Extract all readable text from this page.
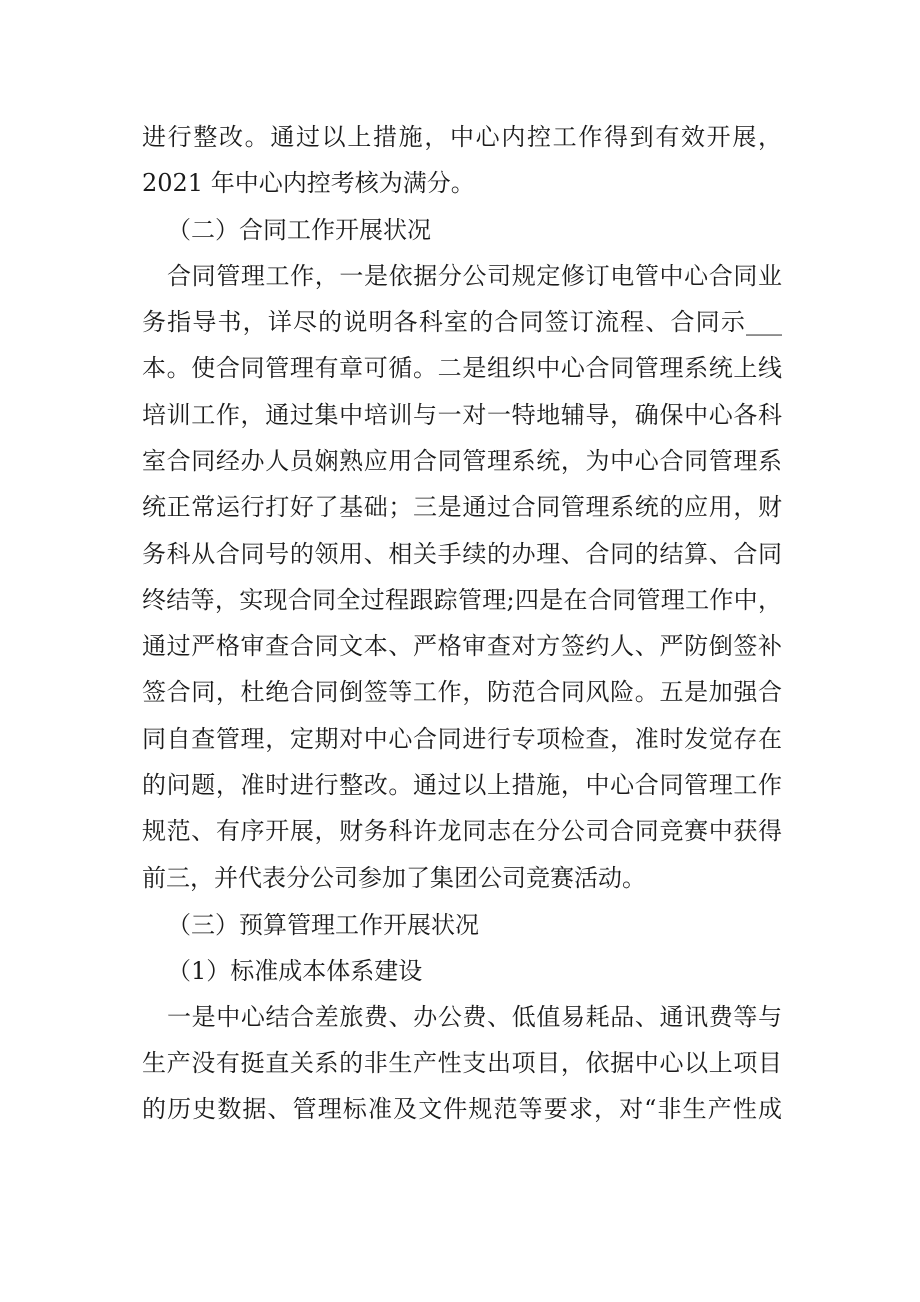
进行整改。通过以上措施，中心内控工作得到有效开展，
2021 年中心内控考核为满分。
（二）合同工作开展状况
合同管理工作，一是依据分公司规定修订电管中心合同业
务指导书，详尽的说明各科室的合同签订流程、合同示___
本。使合同管理有章可循。二是组织中心合同管理系统上线
培训工作，通过集中培训与一对一特地辅导，确保中心各科
室合同经办人员娴熟应用合同管理系统，为中心合同管理系
统正常运行打好了基础；三是通过合同管理系统的应用，财
务科从合同号的领用、相关手续的办理、合同的结算、合同
终结等，实现合同全过程跟踪管理;四是在合同管理工作中，
通过严格审查合同文本、严格审查对方签约人、严防倒签补
签合同，杜绝合同倒签等工作，防范合同风险。五是加强合
同自查管理，定期对中心合同进行专项检查，准时发觉存在
的问题，准时进行整改。通过以上措施，中心合同管理工作
规范、有序开展，财务科许龙同志在分公司合同竞赛中获得
前三，并代表分公司参加了集团公司竞赛活动。
（三）预算管理工作开展状况
（1）标准成本体系建设
一是中心结合差旅费、办公费、低值易耗品、通讯费等与
生产没有挺直关系的非生产性支出项目，依据中心以上项目
的历史数据、管理标准及文件规范等要求，对“非生产性成
